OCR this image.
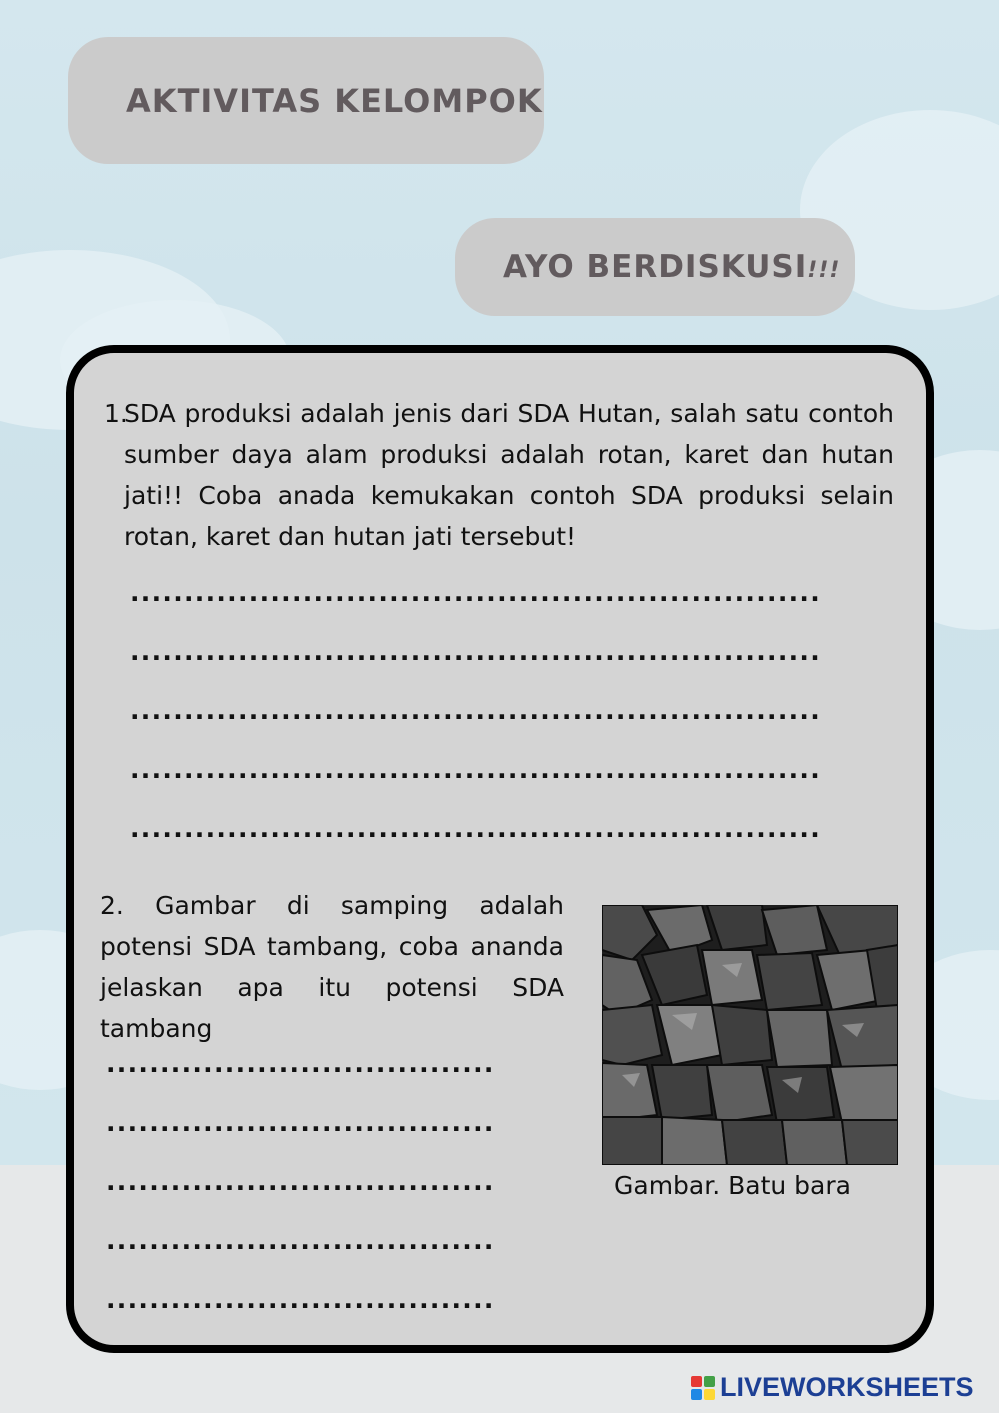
AKTIVITAS KELOMPOK
AYO BERDISKUSI!!!
1.
SDA produksi adalah jenis dari SDA Hutan, salah satu contoh sumber daya alam produksi adalah rotan, karet dan hutan jati!! Coba anada kemukakan contoh SDA produksi selain rotan, karet dan hutan jati tersebut!
................................................................
................................................................
................................................................
................................................................
................................................................
2. Gambar di samping adalah potensi SDA tambang, coba ananda jelaskan apa itu potensi SDA tambang
....................................
....................................
....................................
....................................
....................................
Gambar. Batu bara
LIVEWORKSHEETS
